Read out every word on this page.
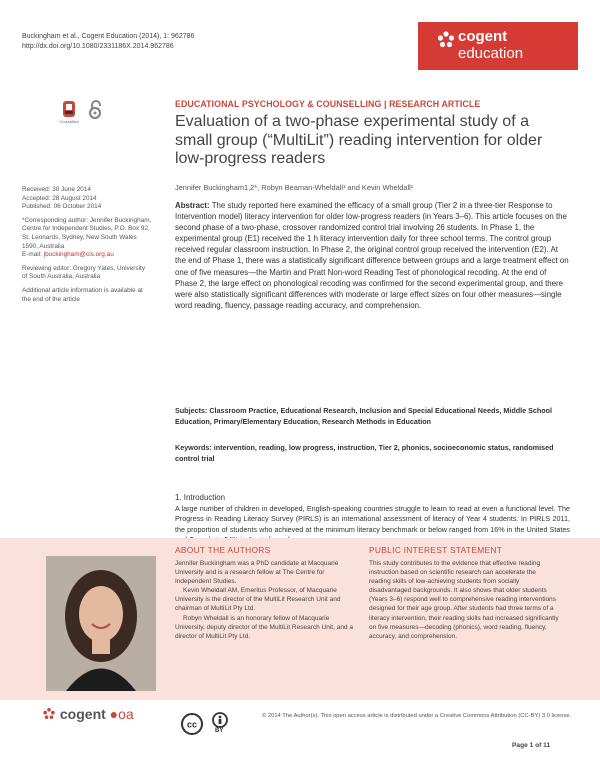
Buckingham et al., Cogent Education (2014), 1: 962786
http://dx.doi.org/10.1080/2331186X.2014.962786
cogent
education
CrossMark

Received: 30 June 2014

Accepted: 28 August 2014

Published: 06 October 2014

*Corresponding author: Jennifer Buckingham, Centre for Independent Studies, P.O. Box 92, St. Leonards, Sydney, New South Wales 1590, Australia

E-mail: jbuckingham@cis.org.au

Reviewing editor: Gregory Yates, University of South Australia, Australia

Additional article information is available at the end of the article

EDUCATIONAL PSYCHOLOGY & COUNSELLING | RESEARCH ARTICLE
Evaluation of a two-phase experimental study of a small group (“MultiLit”) reading intervention for older low-progress readers
Jennifer Buckingham1,2*, Robyn Beaman-Wheldall¹ and Kevin Wheldall¹
Abstract: The study reported here examined the efficacy of a small group (Tier 2 in a three-tier Response to Intervention model) literacy intervention for older low-progress readers (in Years 3–6). This article focuses on the second phase of a two-phase, crossover randomized control trial involving 26 students. In Phase 1, the experimental group (E1) received the 1 h literacy intervention daily for three school terms. The control group received regular classroom instruction. In Phase 2, the original control group received the intervention (E2). At the end of Phase 1, there was a statistically significant difference between groups and a large treatment effect on one of five measures—the Martin and Pratt Non-word Reading Test of phonological recoding. At the end of Phase 2, the large effect on phonological recoding was confirmed for the second experimental group, and there were also statistically significant differences with moderate or large effect sizes on four other measures—single word reading, fluency, passage reading accuracy, and comprehension.
Subjects: Classroom Practice, Educational Research, Inclusion and Special Educational Needs, Middle School Education, Primary/Elementary Education, Research Methods in Education
Keywords: intervention, reading, low progress, instruction, Tier 2, phonics, socioeconomic status, randomised control trial
1. Introduction
A large number of children in developed, English-speaking countries struggle to learn to read at even a functional level. The Progress in Reading Literacy Survey (PIRLS) is an international assessment of literacy of Year 4 students. In PIRLS 2011, the proportion of students who achieved at the minimum literacy benchmark or below ranged from 16% in the United States
ABOUT THE AUTHORS

Jennifer Buckingham was a PhD candidate at Macquarie University and is a research fellow at The Centre for Independent Studies.

Kevin Wheldall AM, Emeritus Professor, of Macquarie University is the director of the MultiLit Research Unit and chairman of MultiLit Pty Ltd.

Robyn Wheldall is an honorary fellow of Macquarie University, deputy director of the MultiLit Research Unit, and a director of MultiLit Pty Ltd.

PUBLIC INTEREST STATEMENT
This study contributes to the evidence that effective reading instruction based on scientific research can accelerate the reading skills of low-achieving students from socially disadvantaged backgrounds. It also shows that older students (Years 3–6) respond well to comprehensive reading interventions designed for their age group. After students had three terms of a literacy intervention, their reading skills had increased significantly on five measures—decoding (phonics), word reading, fluency, accuracy, and comprehension.
cogent ●oa
cc
BY
© 2014 The Author(s). This open access article is distributed under a Creative Commons Attribution (CC-BY) 3.0 license.
Page 1 of 11
